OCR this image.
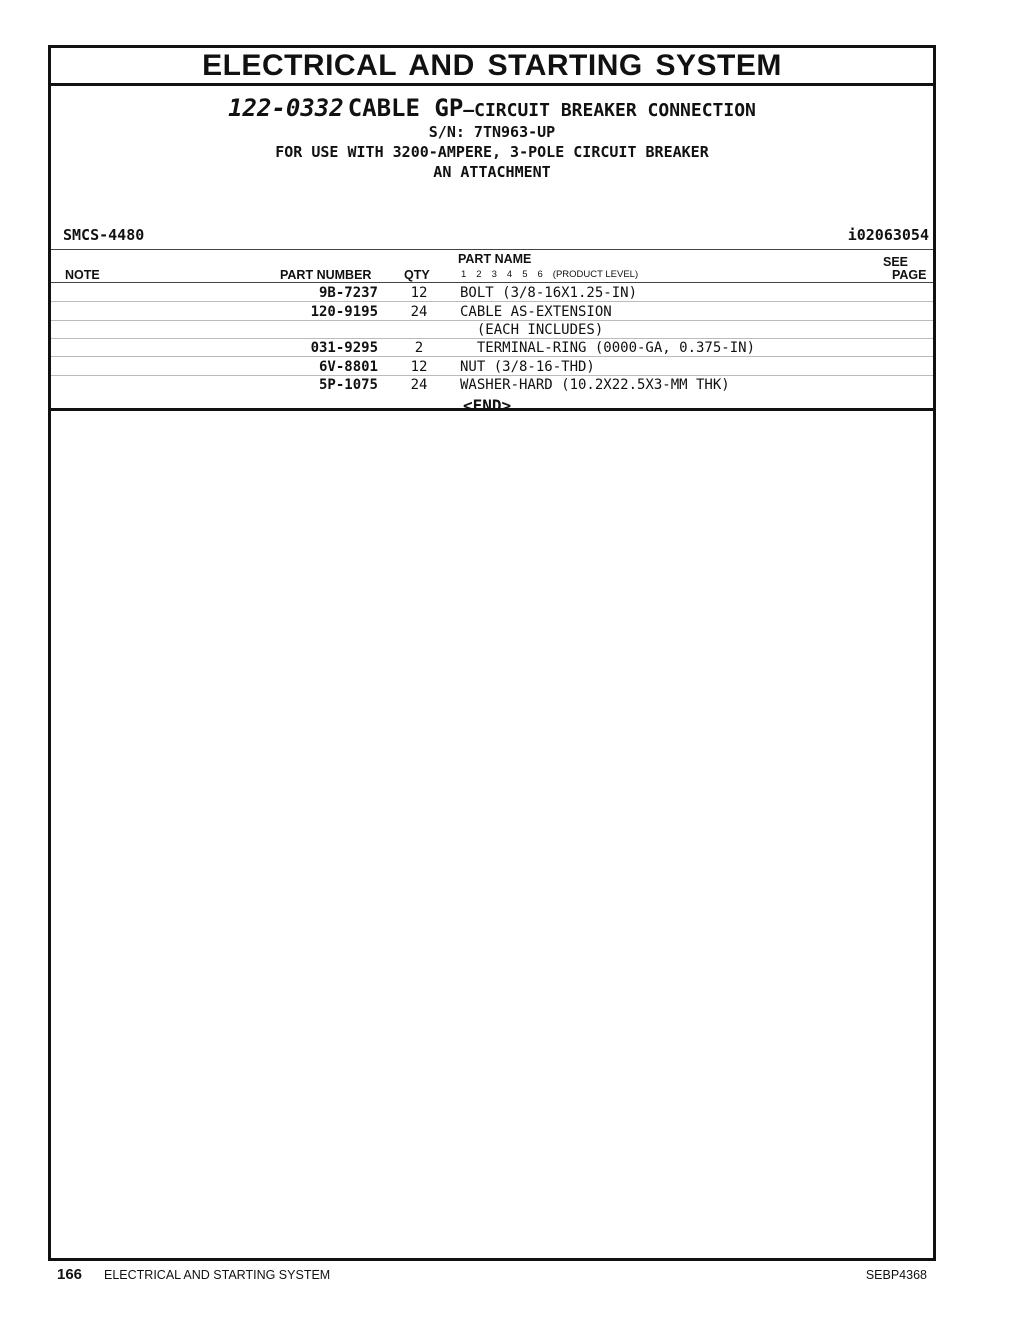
ELECTRICAL AND STARTING SYSTEM
122-0332 CABLE GP–CIRCUIT BREAKER CONNECTION
S/N: 7TN963-UP
FOR USE WITH 3200-AMPERE, 3-POLE CIRCUIT BREAKER
AN ATTACHMENT
SMCS-4480	i02063054
PART NAME	SEE
NOTE	PART NUMBER	QTY	PAGE
1 2 3 4 5 6 (PRODUCT LEVEL)
9B-7237	12	BOLT (3/8-16X1.25-IN)
120-9195	24	CABLE AS-EXTENSION
(EACH INCLUDES)
031-9295	2	TERMINAL-RING (0000-GA, 0.375-IN)
6V-8801	12	NUT (3/8-16-THD)
5P-1075	24	WASHER-HARD (10.2X22.5X3-MM THK)
<END>
166 ELECTRICAL AND STARTING SYSTEM	SEBP4368
